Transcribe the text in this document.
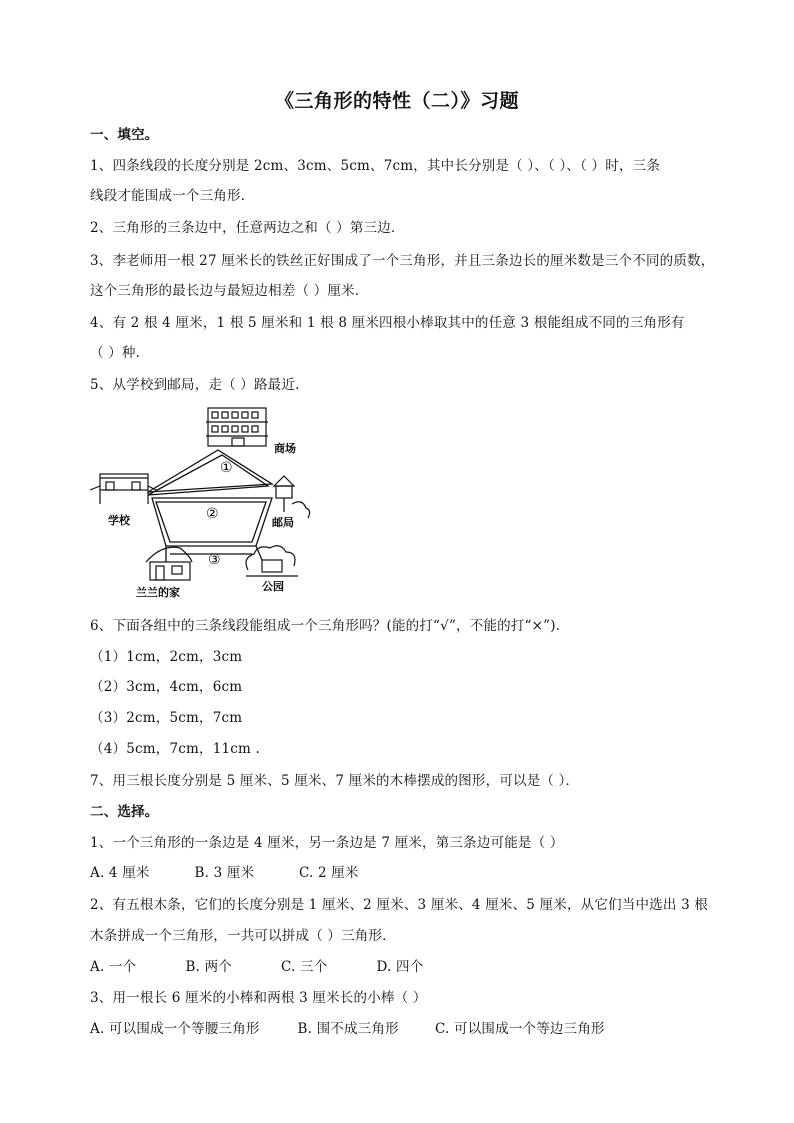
《三角形的特性（二）》习题
一、填空。
1、四条线段的长度分别是 2cm、3cm、5cm、7cm，其中长分别是（ ）、（ ）、（ ）时，三条
线段才能围成一个三角形．
2、三角形的三条边中，任意两边之和（ ）第三边．
3、李老师用一根 27 厘米长的铁丝正好围成了一个三角形，并且三条边长的厘米数是三个不同的质数，
这个三角形的最长边与最短边相差（ ）厘米．
4、有 2 根 4 厘米，1 根 5 厘米和 1 根 8 厘米四根小棒取其中的任意 3 根能组成不同的三角形有
（ ）种．
5、从学校到邮局，走（ ）路最近．
①
②
③
商场
学校	邮局
兰兰的家	公园
6、下面各组中的三条线段能组成一个三角形吗？(能的打“√”，不能的打“×”)．
（1）1cm，2cm，3cm
（2）3cm，4cm，6cm
（3）2cm，5cm，7cm
（4）5cm，7cm，11cm .
7、用三根长度分别是 5 厘米、5 厘米、7 厘米的木棒摆成的图形，可以是（ ）．
二、选择。
1、一个三角形的一条边是 4 厘米，另一条边是 7 厘米，第三条边可能是（ ）
A. 4 厘米	B. 3 厘米	C. 2 厘米
2、有五根木条，它们的长度分别是 1 厘米、2 厘米、3 厘米、4 厘米、5 厘米，从它们当中选出 3 根
木条拼成一个三角形，一共可以拼成（ ）三角形．
A. 一个	B. 两个	C. 三个	D. 四个
3、用一根长 6 厘米的小棒和两根 3 厘米长的小棒（ ）
A. 可以围成一个等腰三角形	B. 围不成三角形	C. 可以围成一个等边三角形
